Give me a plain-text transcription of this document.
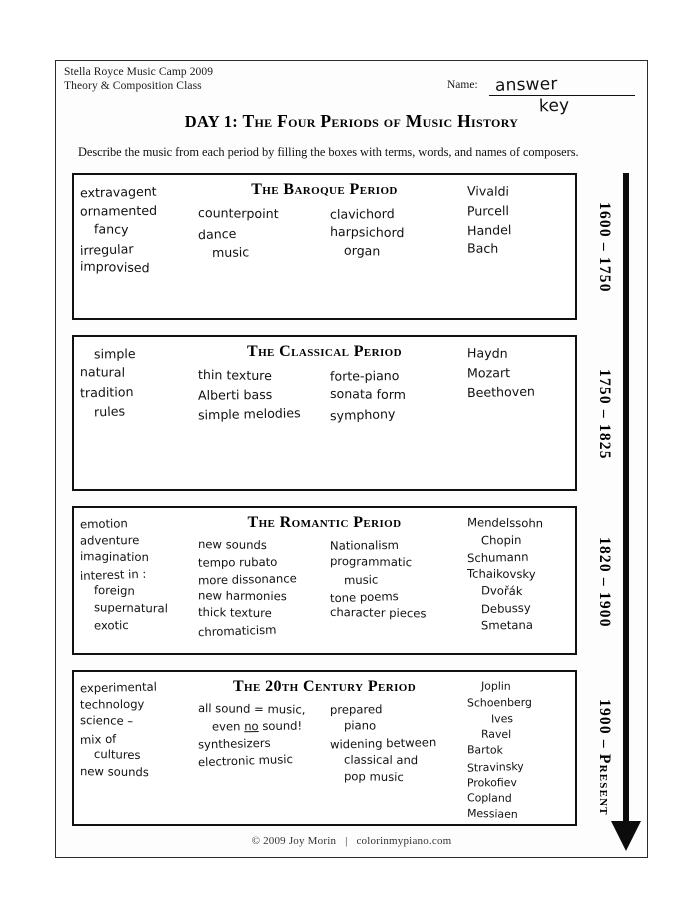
Stella Royce Music Camp 2009
Theory & Composition Class	Name: answer
key
DAY 1: The Four Periods of Music History
Describe the music from each period by filling the boxes with terms, words, and names of composers.
The Baroque Period
extravagent
ornamented
fancy
irregular
improvised
counterpoint
dance
music
clavichord
harpsichord
organ
Vivaldi
Purcell
Handel
Bach
The Classical Period
simple
natural
tradition
rules
thin texture
Alberti bass
simple melodies
forte-piano
sonata form
symphony
Haydn
Mozart
Beethoven
The Romantic Period
emotion
adventure
imagination
interest in :
foreign
supernatural
exotic
new sounds
tempo rubato
more dissonance
new harmonies
thick texture
chromaticism
Nationalism
programmatic
music
tone poems
character pieces
Mendelssohn
Chopin
Schumann
Tchaikovsky
Dvořák
Debussy
Smetana
The 20th Century Period
experimental
technology
science –
mix of
cultures
new sounds
all sound = music,
even no sound!
synthesizers
electronic music
prepared
piano
widening between
classical and
pop music
Joplin
Schoenberg
Ives
Ravel
Bartok
Stravinsky
Prokofiev
Copland
Messiaen
1600 – 1750
1750 – 1825
1820 – 1900
1900 – Present
© 2009 Joy Morin | colorinmypiano.com
